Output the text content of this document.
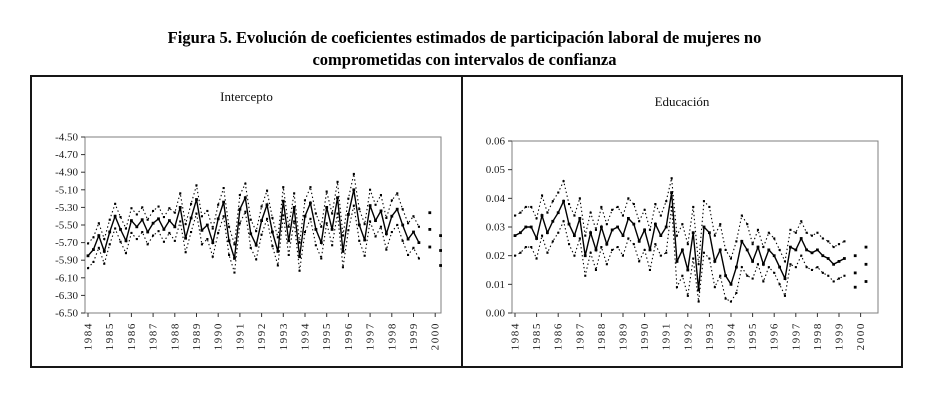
Figura 5. Evolución de coeficientes estimados de participación laboral de mujeres no
comprometidas con intervalos de confianza
Intercepto
-4.50
-4.70
-4.90
-5.10
-5.30
-5.50
-5.70
-5.90
-6.10
-6.30
-6.50
1984 1985 1986 1987 1988 1989 1990 1991 1992 1993 1994 1995 1996 1997 1998 1999 2000
Educación
0.06
0.05
0.04
0.03
0.02
0.01
0.00
1984 1985 1986 1987 1988 1989 1990 1991 1992 1993 1994 1995 1996 1997 1998 1999 2000
